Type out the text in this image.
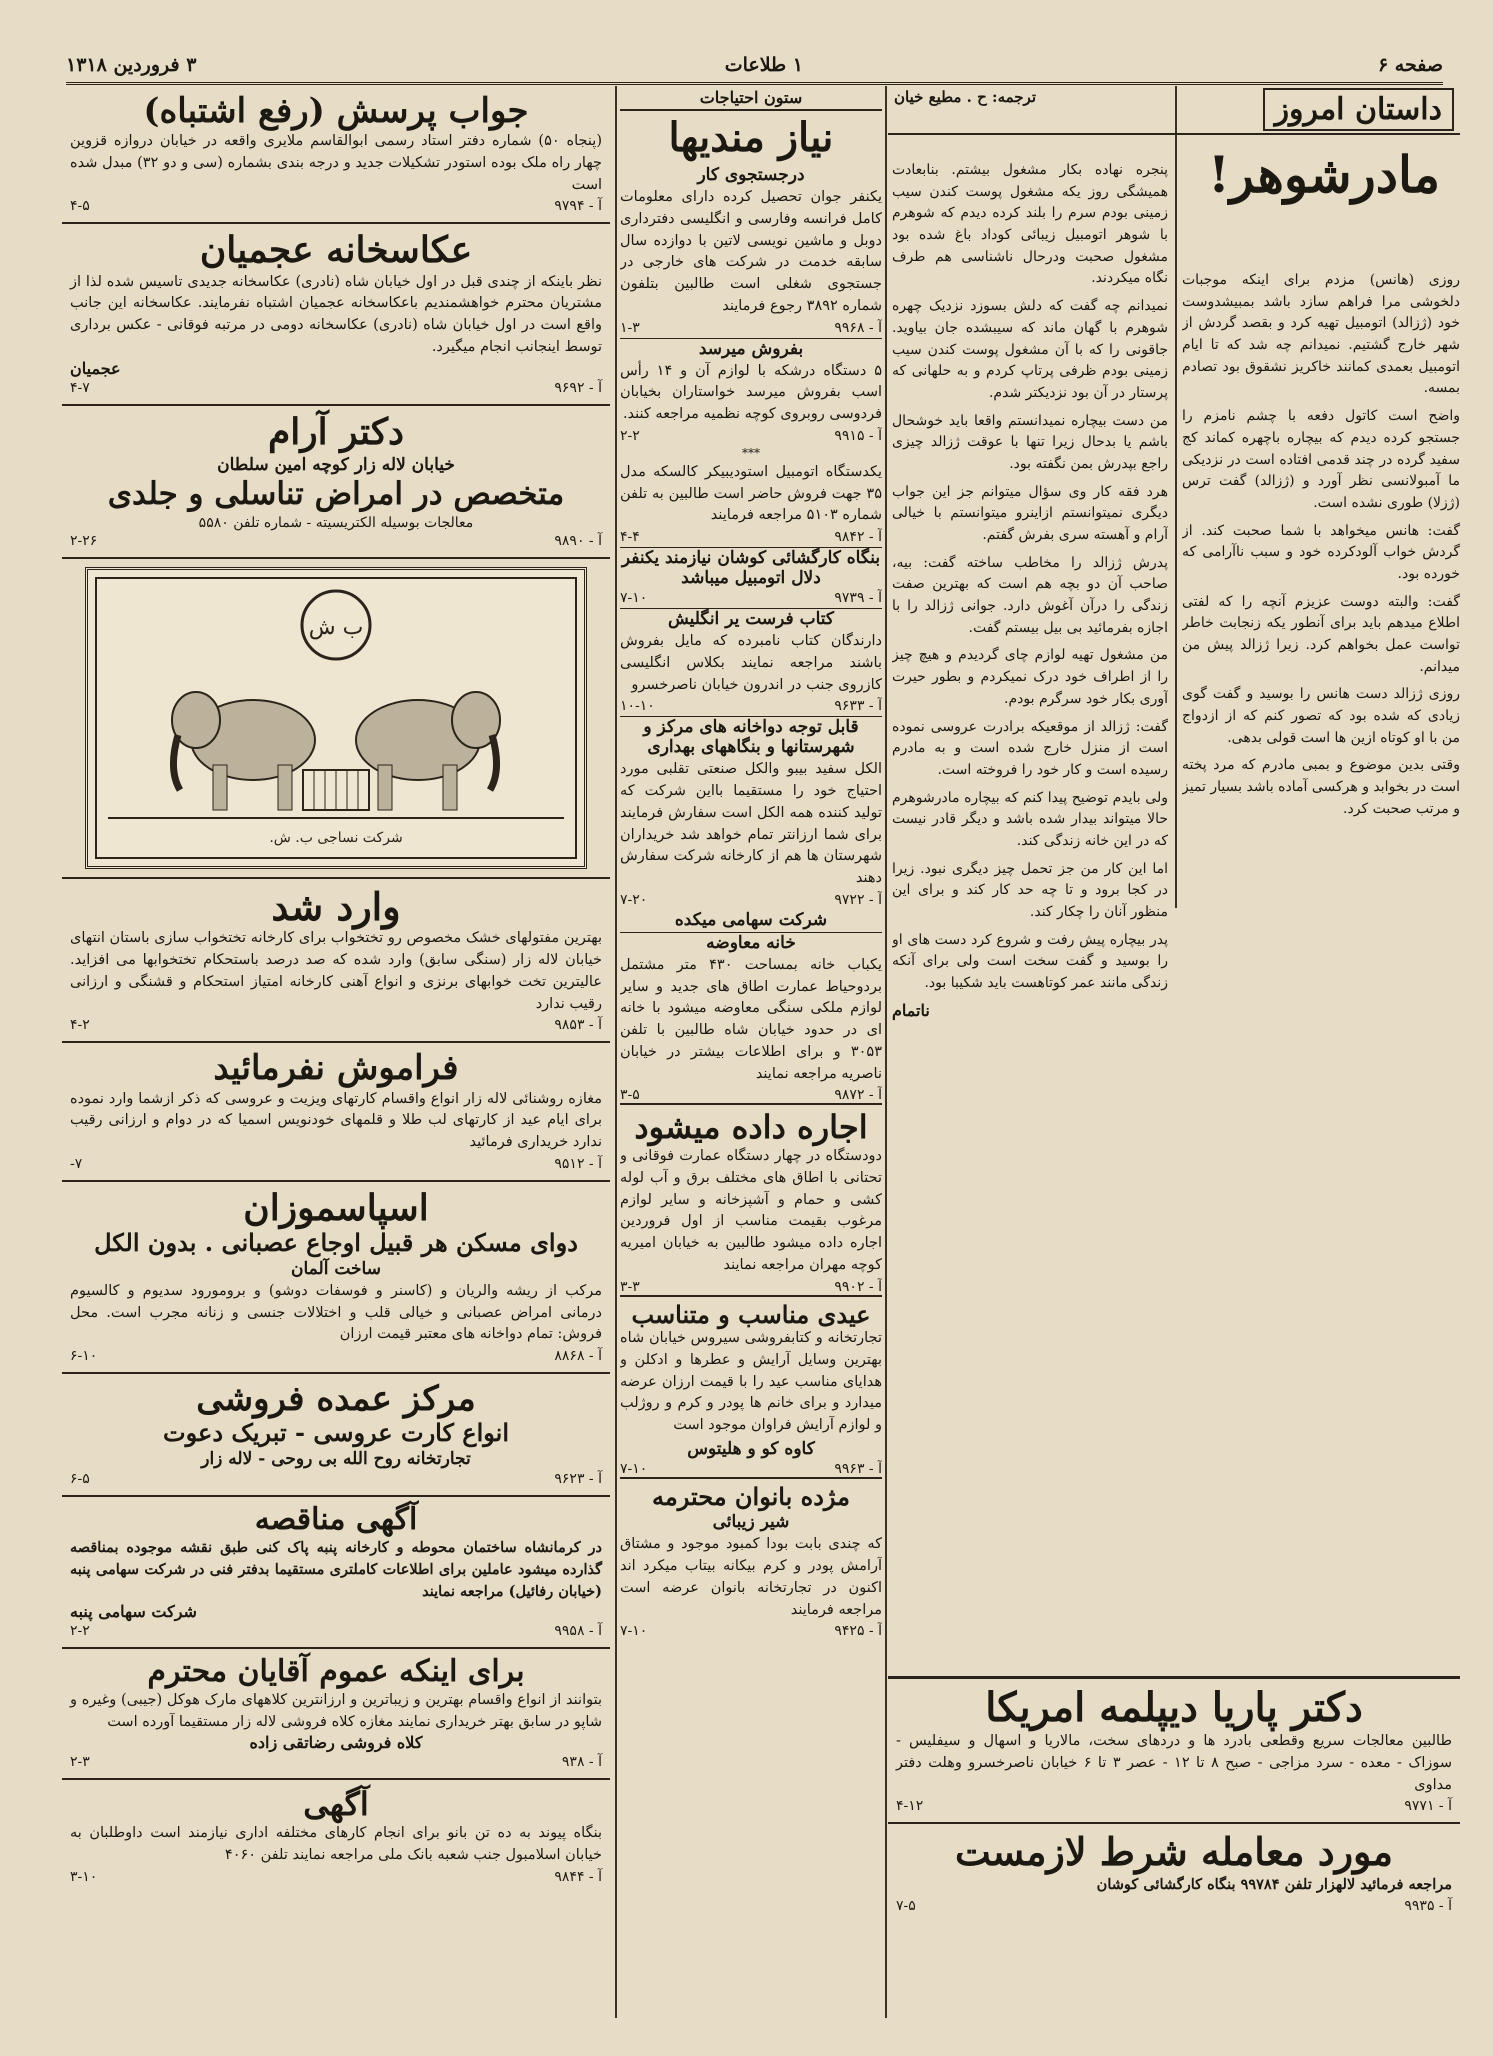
صفحه ۶
۱ طلاعات
۳ فروردین ۱۳۱۸
داستان امروز
ترجمه: ح . مطیع خیان
مادرشوهر!

روزی (هانس) مزدم برای اینکه موجبات دلخوشی مرا فراهم سازد باشد بمبیشدوست خود (ژزالد) اتومبیل تهیه کرد و بقصد گردش از شهر خارج گشتیم. نمیدانم چه شد که تا ایام اتومبیل بعمدی کمانند خاکریز نشقوق بود تصادم بمسه.

واضح است کاتول دفعه با چشم نامزم را جستجو کرده دیدم که بیچاره باچهره کماند کج سفید گرده در چند قدمی افتاده است در نزدیکی ما آمبولانسی نظر آورد و (ژزالد) گفت ترس (ژزلا) طوری نشده است.

گفت: هانس میخواهد با شما صحبت کند. از گردش خواب آلودکرده خود و سبب ناآرامی که خورده بود.

گفت: والبته دوست عزیزم آنچه را که لفتی اطلاع میدهم باید برای آنطور یکه زنجابت خاطر تواست عمل بخواهم کرد. زیرا ژزالد پیش من میدانم.

روزی ژزالد دست هانس را بوسید و گفت گوی زیادی که شده بود که تصور کنم که از ازدواج من با او کوتاه ازین ها است قولی بدهی.

وقتی بدین موضوع و بمبی مادرم که مرد پخته است در بخوابد و هرکسی آماده باشد بسیار تمیز و مرتب صحبت کرد.

پنجره نهاده بکار مشغول بیشتم. بنابعادت همیشگی روز یکه مشغول پوست کندن سیب زمینی بودم سرم را بلند کرده دیدم که شوهرم با شوهر اتومبیل زیبائی کوداد باغ شده بود مشغول صحبت ودرحال ناشناسی هم طرف نگاه میکردند.

نمیدانم چه گفت که دلش بسوزد نزدیک چهره شوهرم با گهان ماند که سیبشده جان بیاوید. جاقونی را که با آن مشغول پوست کندن سیب زمینی بودم ظرفی پرتاپ کردم و به حلهانی که پرستار در آن بود نزدیکتر شدم.

من دست بیچاره نمیدانستم واقعا باید خوشحال باشم یا بدحال زیرا تنها با عوقت ژزالد چیزی راجع بپدرش بمن نگفته بود.

هرد فقه کار وی سؤال میتوانم جز این جواب دیگری نمیتوانستم ازاینرو میتوانستم با خیالی آرام و آهسته سری بفرش گفتم.

پدرش ژزالد را مخاطب ساخته گفت: بیه، صاحب آن دو بچه هم است که بهترین صفت زندگی را درآن آغوش دارد. جوانی ژزالد را با اجازه بفرمائید بی بیل بیستم گفت.

من مشغول تهیه لوازم چای گردیدم و هیچ چیز را از اطراف خود درک نمیکردم و بطور حیرت آوری بکار خود سرگرم بودم.

گفت: ژزالد از موقعیکه برادرت عروسی نموده است از منزل خارج شده است و به مادرم رسیده است و کار خود را فروخته است.

ولی بایدم توضیح پیدا کنم که بیچاره مادرشوهرم حالا میتواند بیدار شده باشد و دیگر قادر نیست که در این خانه زندگی کند.

اما این کار من جز تحمل چیز دیگری نبود. زیرا در کجا برود و تا چه حد کار کند و برای این منظور آنان را چکار کند.

پدر بیچاره پیش رفت و شروع کرد دست های او را بوسید و گفت سخت است ولی برای آنکه زندگی مانند عمر کوتاهست باید شکیبا بود.

ناتمام
دکتر پاریا دیپلمه امریکا

طالبین معالجات سریع وقطعی بادرد ها و دردهای سخت، مالاریا و اسهال و سیفلیس - سوزاک - معده - سرد مزاجی - صبح ۸ تا ۱۲ - عصر ۳ تا ۶ خیابان ناصرخسرو وهلت دفتر مداوی

آ - ۹۷۷۱
۴-۱۲
مورد معامله شرط لازمست

مراجعه فرمائید لالهزار تلفن ۹۹۷۸۴ بنگاه کارگشائی کوشان

آ - ۹۹۳۵
۷-۵
ستون احتیاجات
نیاز مندیها
درجستجوی کار

یکنفر جوان تحصیل کرده دارای معلومات کامل فرانسه وفارسی و انگلیسی دفترداری دوبل و ماشین نویسی لاتین با دوازده سال سابقه خدمت در شرکت های خارجی در جستجوی شغلی است طالبین بتلفون شماره ۳۸۹۲ رجوع فرمایند

آ - ۹۹۶۸
۱-۳
بفروش میرسد

۵ دستگاه درشکه با لوازم آن و ۱۴ رأس اسب بفروش میرسد خواستاران بخیابان فردوسی روبروی کوچه نظمیه مراجعه کنند.

آ - ۹۹۱۵
۲-۲
***

یکدستگاه اتومبیل استودیبیکر کالسکه مدل ۳۵ جهت فروش حاضر است طالبین به تلفن شماره ۵۱۰۳ مراجعه فرمایند

آ - ۹۸۴۲
۴-۴
بنگاه کارگشائی کوشان نیازمند یکنفر دلال اتومبیل میباشد
آ - ۹۷۳۹
۷-۱۰
کتاب فرست یر انگلیش

دارندگان کتاب نامبرده که مایل بفروش باشند مراجعه نمایند بکلاس انگلیسی کازروی جنب در اندرون خیابان ناصرخسرو

آ - ۹۶۳۳
۱۰-۱۰
قابل توجه دواخانه های مرکز و شهرستانها و بنگاههای بهداری

الکل سفید بیبو والکل صنعتی تقلبی مورد احتیاج خود را مستقیما بااین شرکت که تولید کننده همه الکل است سفارش فرمایند برای شما ارزانتر تمام خواهد شد خریداران شهرستان ها هم از کارخانه شرکت سفارش دهند

آ - ۹۷۲۲
۷-۲۰
شرکت سهامی میکده
خانه معاوضه

یکباب خانه بمساحت ۴۳۰ متر مشتمل بردوحیاط عمارت اطاق های جدید و سایر لوازم ملکی سنگی معاوضه میشود با خانه ای در حدود خیابان شاه طالبین با تلفن ۳۰۵۳ و برای اطلاعات بیشتر در خیابان ناصریه مراجعه نمایند

آ - ۹۸۷۲
۳-۵
اجاره داده میشود

دودستگاه در چهار دستگاه عمارت فوقانی و تحتانی با اطاق های مختلف برق و آب لوله کشی و حمام و آشپزخانه و سایر لوازم مرغوب بقیمت مناسب از اول فروردین اجاره داده میشود طالبین به خیابان امیریه کوچه مهران مراجعه نمایند

آ - ۹۹۰۲
۳-۳
عیدی مناسب و متناسب

تجارتخانه و کتابفروشی سیروس خیابان شاه بهترین وسایل آرایش و عطرها و ادکلن و هدایای مناسب عید را با قیمت ارزان عرضه میدارد و برای خانم ها پودر و کرم و روژلب و لوازم آرایش فراوان موجود است

کاوه کو و هلیتوس
آ - ۹۹۶۳
۷-۱۰
مژده بانوان محترمه
شیر زیبائی

که چندی بابت بودا کمبود موجود و مشتاق آرامش پودر و کرم بیکانه بیتاب میکرد اند اکنون در تجارتخانه بانوان عرضه است مراجعه فرمایند

آ - ۹۴۲۵
۷-۱۰
جواب پرسش (رفع اشتباه)

(پنجاه ۵۰) شماره دفتر استاد رسمی ابوالقاسم ملایری واقعه در خیابان دروازه قزوین چهار راه ملک بوده استودر تشکیلات جدید و درجه بندی بشماره (سی و دو ۳۲) مبدل شده است

آ - ۹۷۹۴
۴-۵
عکاسخانه عجمیان

نظر باینکه از چندی قبل در اول خیابان شاه (نادری) عکاسخانه جدیدی تاسیس شده لذا از مشتریان محترم خواهشمندیم باعکاسخانه عجمیان اشتباه نفرمایند. عکاسخانه این جانب واقع است در اول خیابان شاه (نادری) عکاسخانه دومی در مرتبه فوقانی - عکس برداری توسط اینجانب انجام میگیرد.

عجمیان
آ - ۹۶۹۲
۴-۷
دکتر آرام
خیابان لاله زار کوچه امین سلطان
متخصص در امراض تناسلی و جلدی
معالجات بوسیله الکتریسیته - شماره تلفن ۵۵۸۰
آ - ۹۸۹۰
۲-۲۶
ب ش
شرکت نساجی ب. ش.
وارد شد

بهترین مفتولهای خشک مخصوص رو تختخواب برای کارخانه تختخواب سازی باستان انتهای خیابان لاله زار (سنگی سابق) وارد شده که صد درصد باستحکام تختخوابها می افزاید. عالیترین تخت خوابهای برنزی و انواع آهنی کارخانه امتیاز استحکام و قشنگی و ارزانی رقیب ندارد

آ - ۹۸۵۳
۴-۲
فراموش نفرمائید

مغازه روشنائی لاله زار انواع واقسام کارتهای ویزیت و عروسی که ذکر ازشما وارد نموده برای ایام عید از کارتهای لب طلا و قلمهای خودنویس اسمیا که در دوام و ارزانی رقیب ندارد خریداری فرمائید

آ - ۹۵۱۲
۷-
اسپاسموزان
دوای مسکن هر قبیل اوجاع عصبانی . بدون الکل
ساخت آلمان

مرکب از ریشه والریان و (کاسنر و فوسفات دوشو) و برومورود سدیوم و کالسیوم درمانی امراض عصبانی و خیالی قلب و اختلالات جنسی و زنانه مجرب است. محل فروش: تمام دواخانه های معتبر قیمت ارزان

آ - ۸۸۶۸
۶-۱۰
مرکز عمده فروشی
انواع کارت عروسی - تبریک دعوت
تجارتخانه روح الله بی روحی - لاله زار
آ - ۹۶۲۳
۶-۵
آگهی مناقصه

در کرمانشاه ساختمان محوطه و کارخانه پنبه پاک کنی طبق نقشه موجوده بمناقصه گذارده میشود عاملین برای اطلاعات کاملتری مستقیما بدفتر فنی در شرکت سهامی پنبه (خیابان رفائیل) مراجعه نمایند

شرکت سهامی پنبه
آ - ۹۹۵۸
۲-۲
برای اینکه عموم آقایان محترم

بتوانند از انواع واقسام بهترین و زیباترین و ارزانترین کلاههای مارک هوکل (جیبی) وغیره و شاپو در سابق بهتر خریداری نمایند مغازه کلاه فروشی لاله زار مستقیما آورده است

کلاه فروشی رضاتقی زاده
آ - ۹۳۸
۲-۳
آگهی

بنگاه پیوند به ده تن بانو برای انجام کارهای مختلفه اداری نیازمند است داوطلبان به خیابان اسلامبول جنب شعبه بانک ملی مراجعه نمایند تلفن ۴۰۶۰

آ - ۹۸۴۴
۳-۱۰
